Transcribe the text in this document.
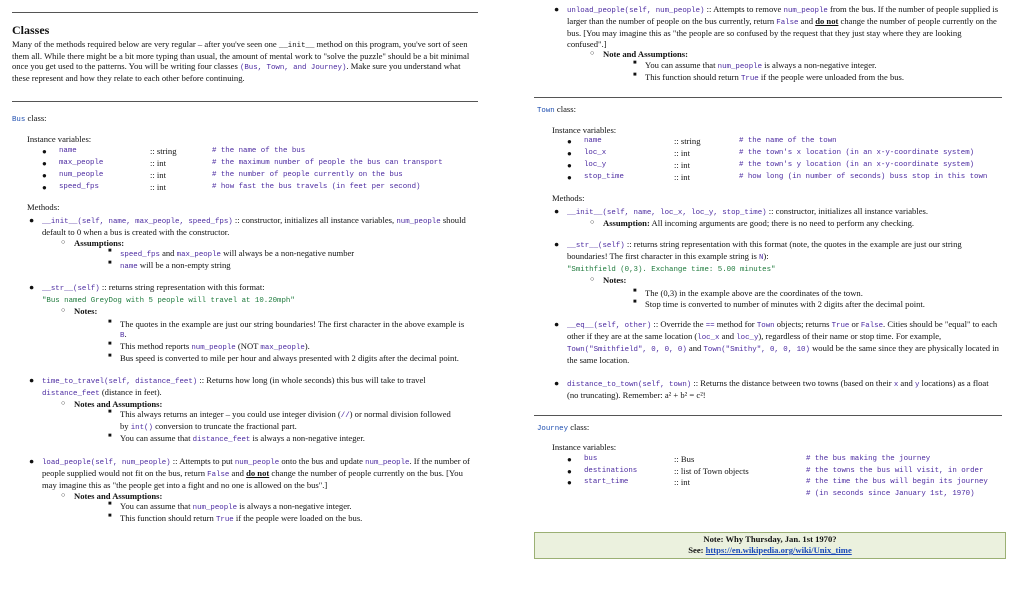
Classes
Many of the methods required below are very regular – after you've seen one __init__ method on this program, you've sort of seen them all. While there might be a bit more typing than usual, the amount of mental work to "solve the puzzle" should be a bit minimal once you get used to the patterns. You will be writing four classes (Bus, Town, and Journey). Make sure you understand what these represent and how they relate to each other before continuing.
Bus class:
Instance variables:
●	name	:: string	# the name of the bus
●	max_people	:: int	# the maximum number of people the bus can transport
●	num_people	:: int	# the number of people currently on the bus
●	speed_fps	:: int	# how fast the bus travels (in feet per second)
Methods:
● __init__(self, name, max_people, speed_fps) :: constructor, initializes all instance variables, num_people should default to 0 when a bus is created with the constructor.
○ Assumptions:
■ speed_fps and max_people will always be a non-negative number
■ name will be a non-empty string
● __str__(self) :: returns string representation with this format:
"Bus named GreyDog with 5 people will travel at 10.20mph"
○ Notes:
■ The quotes in the example are just our string boundaries! The first character in the above example is B.
■ This method reports num_people (NOT max_people).
■ Bus speed is converted to mile per hour and always presented with 2 digits after the decimal point.
● time_to_travel(self, distance_feet) :: Returns how long (in whole seconds) this bus will take to travel distance_feet (distance in feet).
○ Notes and Assumptions:
■ This always returns an integer – you could use integer division (//) or normal division followed by int() conversion to truncate the fractional part.
■ You can assume that distance_feet is always a non-negative integer.
● load_people(self, num_people) :: Attempts to put num_people onto the bus and update num_people. If the number of people supplied would not fit on the bus, return False and do not change the number of people currently on the bus. [You may imagine this as "the people get into a fight and no one is allowed on the bus".]
○ Notes and Assumptions:
■ You can assume that num_people is always a non-negative integer.
■ This function should return True if the people were loaded on the bus.
● unload_people(self, num_people) :: Attempts to remove num_people from the bus. If the number of people supplied is larger than the number of people on the bus currently, return False and do not change the number of people currently on the bus. [You may imagine this as "the people are so confused by the request that they just stay where they are looking confused".]
○ Note and Assumptions:
■ You can assume that num_people is always a non-negative integer.
■ This function should return True if the people were unloaded from the bus.
Town class:
Instance variables:
●	name	:: string	# the name of the town
●	loc_x	:: int	# the town's x location (in an x-y-coordinate system)
●	loc_y	:: int	# the town's y location (in an x-y-coordinate system)
●	stop_time	:: int	# how long (in number of seconds) buss stop in this town
Methods:
● __init__(self, name, loc_x, loc_y, stop_time) :: constructor, initializes all instance variables.
○ Assumption: All incoming arguments are good; there is no need to perform any checking.
● __str__(self) :: returns string representation with this format (note, the quotes in the example are just our string boundaries! The first character in this example string is N):
"Smithfield (0,3). Exchange time: 5.00 minutes"
○ Notes:
■ The (0,3) in the example above are the coordinates of the town.
■ Stop time is converted to number of minutes with 2 digits after the decimal point.
● __eq__(self, other) :: Override the == method for Town objects; returns True or False. Cities should be "equal" to each other if they are at the same location (loc_x and loc_y), regardless of their name or stop time. For example, Town("Smithfield", 0, 0, 0) and Town("Smithy", 0, 0, 10) would be the same since they are physically located in the same location.
● distance_to_town(self, town) :: Returns the distance between two towns (based on their x and y locations) as a float (no truncating). Remember: a² + b² = c²!
Journey class:
Instance variables:
●	bus	:: Bus	# the bus making the journey
●	destinations	:: list of Town objects	# the towns the bus will visit, in order
●	start_time	:: int	# the time the bus will begin its journey
			# (in seconds since January 1st, 1970)
Note: Why Thursday, Jan. 1st 1970?
See: https://en.wikipedia.org/wiki/Unix_time
